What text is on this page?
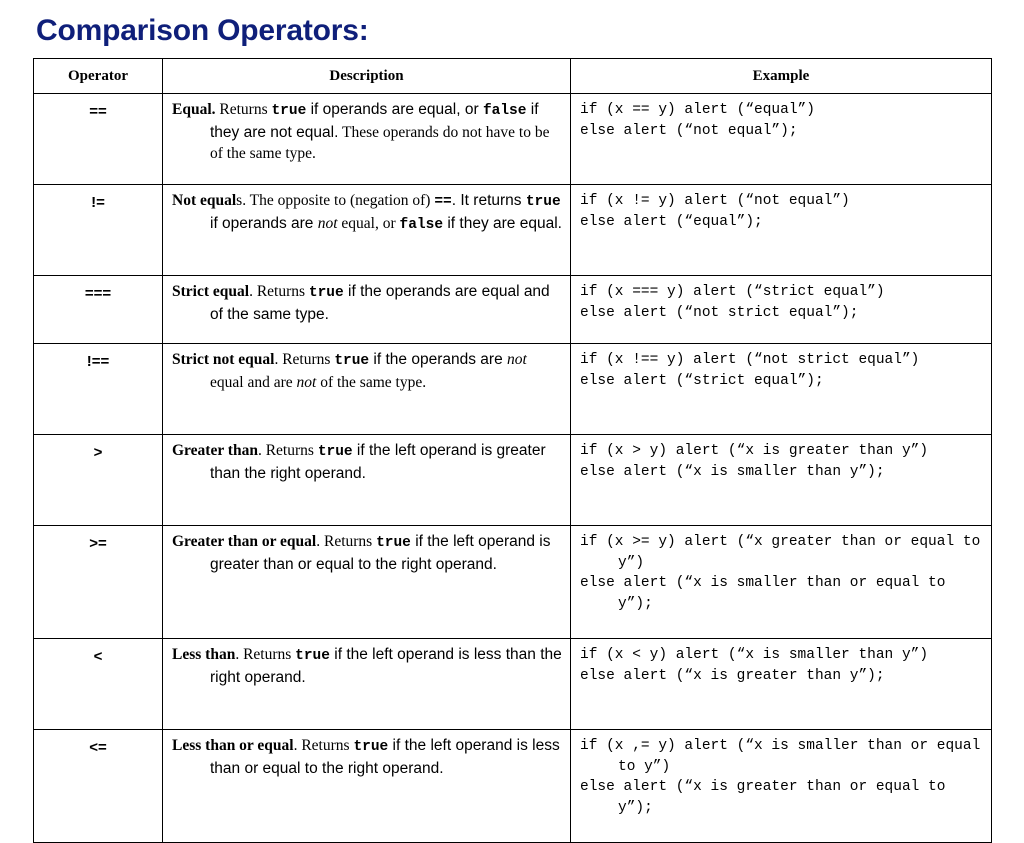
Comparison Operators:
Operator	Description	Example
==	Equal. Returns true if operands are equal, or false if they are not equal. These operands do not have to be of the same type.	if (x == y) alert (“equal”)
else alert (“not equal”);

!=	Not equals. The opposite to (negation of) ==. It returns true if operands are not equal, or false if they are equal.	if (x != y) alert (“not equal”)
else alert (“equal”);

===	Strict equal. Returns true if the operands are equal and of the same type.	if (x === y) alert (“strict equal”)
else alert (“not strict equal”);

!==	Strict not equal. Returns true if the operands are not equal and are not of the same type.	if (x !== y) alert (“not strict equal”)
else alert (“strict equal”);

>	Greater than. Returns true if the left operand is greater than the right operand.	if (x > y) alert (“x is greater than y”)
else alert (“x is smaller than y”);

>=	Greater than or equal. Returns true if the left operand is greater than or equal to the right operand.	if (x >= y) alert (“x greater than or equal to y”)
else alert (“x is smaller than or equal to y”);

<	Less than. Returns true if the left operand is less than the right operand.	if (x < y) alert (“x is smaller than y”)
else alert (“x is greater than y”);

<=	Less than or equal. Returns true if the left operand is less than or equal to the right operand.	if (x ,= y) alert (“x is smaller than or equal to y”)
else alert (“x is greater than or equal to y”);
